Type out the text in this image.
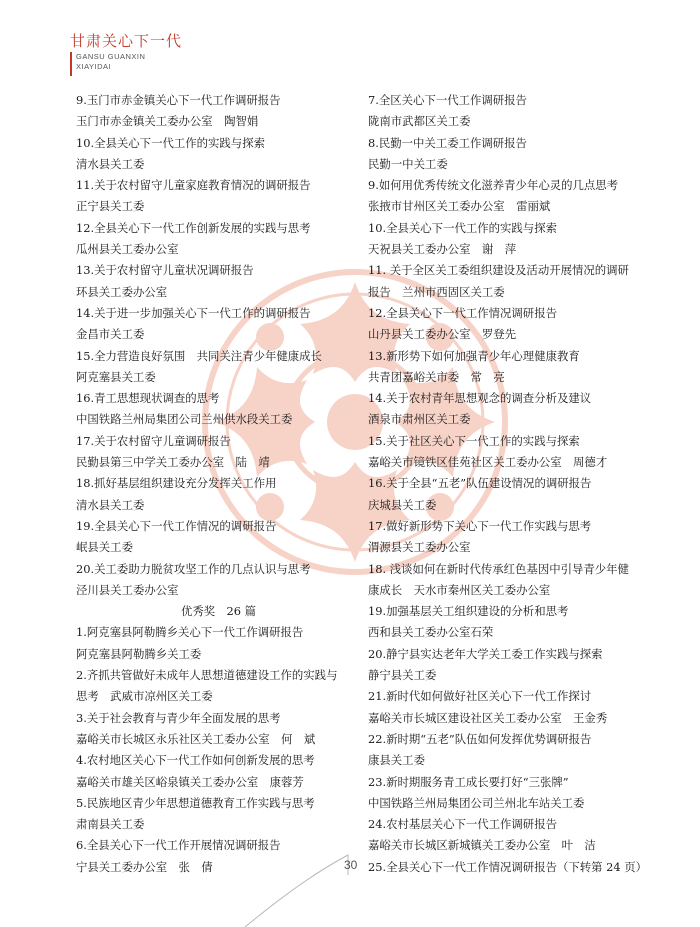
甘肃关心下一代
GANSU GUANXIN
XIAYIDAI
9.玉门市赤金镇关心下一代工作调研报告
玉门市赤金镇关工委办公室　陶智娟
10.全县关心下一代工作的实践与探索
清水县关工委
11.关于农村留守儿童家庭教育情况的调研报告
正宁县关工委
12.全县关心下一代工作创新发展的实践与思考
瓜州县关工委办公室
13.关于农村留守儿童状况调研报告
环县关工委办公室
14.关于进一步加强关心下一代工作的调研报告
金昌市关工委
15.全力营造良好氛围　共同关注青少年健康成长
阿克塞县关工委
16.青工思想现状调查的思考
中国铁路兰州局集团公司兰州供水段关工委
17.关于农村留守儿童调研报告
民勤县第三中学关工委办公室　陆　靖
18.抓好基层组织建设充分发挥关工作用
清水县关工委
19.全县关心下一代工作情况的调研报告
岷县关工委
20.关工委助力脱贫攻坚工作的几点认识与思考
泾川县关工委办公室
优秀奖　26 篇
1.阿克塞县阿勒腾乡关心下一代工作调研报告
阿克塞县阿勒腾乡关工委
2.齐抓共管做好未成年人思想道德建设工作的实践与
思考　武威市凉州区关工委
3.关于社会教育与青少年全面发展的思考
嘉峪关市长城区永乐社区关工委办公室　何　斌
4.农村地区关心下一代工作如何创新发展的思考
嘉峪关市雄关区峪泉镇关工委办公室　康蓉芳
5.民族地区青少年思想道德教育工作实践与思考
肃南县关工委
6.全县关心下一代工作开展情况调研报告
宁县关工委办公室　张　倩
7.全区关心下一代工作调研报告
陇南市武都区关工委
8.民勤一中关工委工作调研报告
民勤一中关工委
9.如何用优秀传统文化滋养青少年心灵的几点思考
张掖市甘州区关工委办公室　雷丽斌
10.全县关心下一代工作的实践与探索
天祝县关工委办公室　谢　萍
11. 关于全区关工委组织建设及活动开展情况的调研
报告　兰州市西固区关工委
12.全县关心下一代工作情况调研报告
山丹县关工委办公室　罗登先
13.新形势下如何加强青少年心理健康教育
共青团嘉峪关市委　常　亮
14.关于农村青年思想观念的调查分析及建议
酒泉市肃州区关工委
15.关于社区关心下一代工作的实践与探索
嘉峪关市镜铁区佳苑社区关工委办公室　周德才
16.关于全县“五老”队伍建设情况的调研报告
庆城县关工委
17.做好新形势下关心下一代工作实践与思考
渭源县关工委办公室
18. 浅谈如何在新时代传承红色基因中引导青少年健
康成长　天水市秦州区关工委办公室
19.加强基层关工组织建设的分析和思考
西和县关工委办公室石荣
20.静宁县实达老年大学关工委工作实践与探索
静宁县关工委
21.新时代如何做好社区关心下一代工作探讨
嘉峪关市长城区建设社区关工委办公室　王金秀
22.新时期“五老”队伍如何发挥优势调研报告
康县关工委
23.新时期服务青工成长要打好“三张牌”
中国铁路兰州局集团公司兰州北车站关工委
24.农村基层关心下一代工作调研报告
嘉峪关市长城区新城镇关工委办公室　叶　洁
25.全县关心下一代工作情况调研报告（下转第 24 页）
30
